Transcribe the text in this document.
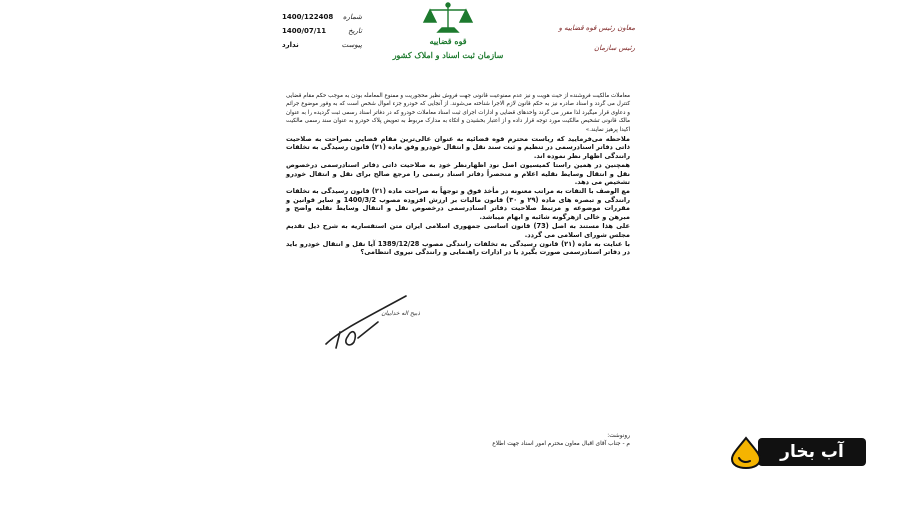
شماره
1400/122408
تاریخ
1400/07/11
پیوست
ندارد	قوه قضاییه
سازمان ثبت اسناد و املاک کشور
معاون رئیس قوه قضاییه و
رئیس سازمان

معاملات مالکیت فروشنده از حیث هویت و نیز عدم ممنوعیت قانونی جهت فروش نظیر محجوریت و ممنوع المعامله بودن به موجب حکم مقام قضایی کنترل می گردد و اسناد صادره نیز به حکم قانون لازم الاجرا شناخته می‌شوند. از آنجایی که خودرو جزء اموال شخص است که به وفور موضوع جرائم و دعاوی قرار میگیرد لذا مقرر می گردد واحدهای قضایی و ادارات اجرای ثبت اسناد معاملات خودرو که در دفاتر اسناد رسمی ثبت گردیده را به عنوان مالک قانونی تشخیص مالکیت مورد توجه قرار داده و از اعتبار بخشیدن و اتکاء به مدارک مربوط به تعویض پلاک خودرو به عنوان سند رسمی مالکیت اکیدا پرهیز نمایند.»

ملاحظه می‌فرمایید که ریاست محترم قوه قضائیه به عنوان عالی‌ترین مقام قضایی بصراحت به صلاحیت ذاتی دفاتر اسنادرسمی در تنظیم و ثبت سند نقل و انتقال خودرو وفق ماده (۲۱) قانون رسیدگی به تخلفات رانندگی اظهار نظر نموده اند.

همچنین در همین راستا کمیسیون اصل نود اظهارنظر خود به صلاحیت ذاتی دفاتر اسنادرسمی درخصوص نقل و انتقال وسایط نقلیه اعلام و منحصراً دفاتر اسناد رسمی را مرجع صالح برای نقل و انتقال خودرو تشخیص می دهد.

مع الوصف با التفات به مراتب معنونه در مأخذ فوق و توجهاً به صراحت ماده (۲۱) قانون رسیدگی به تخلفات رانندگی و تبصره های ماده (۲۹ و ۳۰) قانون مالیات بر ارزش افزوده مصوب 1400/3/2 و سایر قوانین و مقررات موضوعه و مرتبط صلاحیت دفاتر اسنادرسمی درخصوص نقل و انتقال وسایط نقلیه واضح و مبرهن و خالی ازهرگونه شائبه و ابهام میباشد.

علی هذا مستند به اصل (73) قانون اساسی جمهوری اسلامی ایران متن استفساریه به شرح ذیل تقدیم مجلس شورای اسلامی می گردد.

با عنایت به ماده (۲۱) قانون رسیدگی به تخلفات رانندگی مصوب 1389/12/28 آیا نقل و انتقال خودرو باید در دفاتر اسنادرسمی صورت بگیرد یا در ادارات راهنمایی و رانندگی نیروی انتظامی؟

ذبیح اله خداییان
رونوشت:
م - جناب آقای اقبال معاون محترم امور اسناد جهت اطلاع	آب بخار
